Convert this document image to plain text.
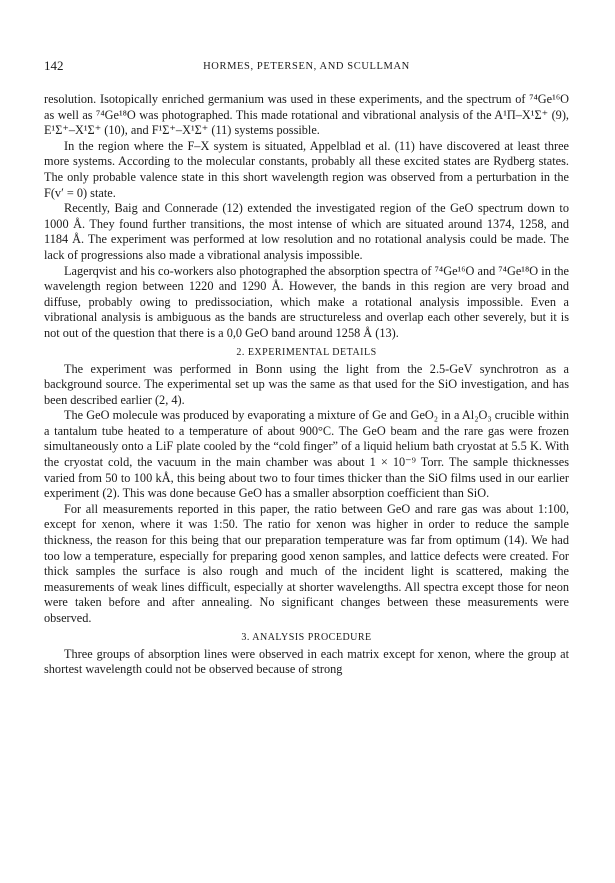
142	HORMES, PETERSEN, AND SCULLMAN

resolution. Isotopically enriched germanium was used in these experiments, and the spectrum of ⁷⁴Ge¹⁶O as well as ⁷⁴Ge¹⁸O was photographed. This made rotational and vibrational analysis of the A¹Π–X¹Σ⁺ (9), E¹Σ⁺–X¹Σ⁺ (10), and F¹Σ⁺–X¹Σ⁺ (11) systems possible.

In the region where the F–X system is situated, Appelblad et al. (11) have discovered at least three more systems. According to the molecular constants, probably all these excited states are Rydberg states. The only probable valence state in this short wavelength region was observed from a perturbation in the F(v′ = 0) state.

Recently, Baig and Connerade (12) extended the investigated region of the GeO spectrum down to 1000 Å. They found further transitions, the most intense of which are situated around 1374, 1258, and 1184 Å. The experiment was performed at low resolution and no rotational analysis could be made. The lack of progressions also made a vibrational analysis impossible.

Lagerqvist and his co-workers also photographed the absorption spectra of ⁷⁴Ge¹⁶O and ⁷⁴Ge¹⁸O in the wavelength region between 1220 and 1290 Å. However, the bands in this region are very broad and diffuse, probably owing to predissociation, which make a rotational analysis impossible. Even a vibrational analysis is ambiguous as the bands are structureless and overlap each other severely, but it is not out of the question that there is a 0,0 GeO band around 1258 Å (13).

2. EXPERIMENTAL DETAILS

The experiment was performed in Bonn using the light from the 2.5-GeV synchrotron as a background source. The experimental set up was the same as that used for the SiO investigation, and has been described earlier (2, 4).

The GeO molecule was produced by evaporating a mixture of Ge and GeO₂ in a Al₂O₃ crucible within a tantalum tube heated to a temperature of about 900°C. The GeO beam and the rare gas were frozen simultaneously onto a LiF plate cooled by the “cold finger” of a liquid helium bath cryostat at 5.5 K. With the cryostat cold, the vacuum in the main chamber was about 1 × 10⁻⁹ Torr. The sample thicknesses varied from 50 to 100 kÅ, this being about two to four times thicker than the SiO films used in our earlier experiment (2). This was done because GeO has a smaller absorption coefficient than SiO.

For all measurements reported in this paper, the ratio between GeO and rare gas was about 1:100, except for xenon, where it was 1:50. The ratio for xenon was higher in order to reduce the sample thickness, the reason for this being that our preparation temperature was far from optimum (14). We had too low a temperature, especially for preparing good xenon samples, and lattice defects were created. For thick samples the surface is also rough and much of the incident light is scattered, making the measurements of weak lines difficult, especially at shorter wavelengths. All spectra except those for neon were taken before and after annealing. No significant changes between these measurements were observed.

3. ANALYSIS PROCEDURE

Three groups of absorption lines were observed in each matrix except for xenon, where the group at shortest wavelength could not be observed because of strong
